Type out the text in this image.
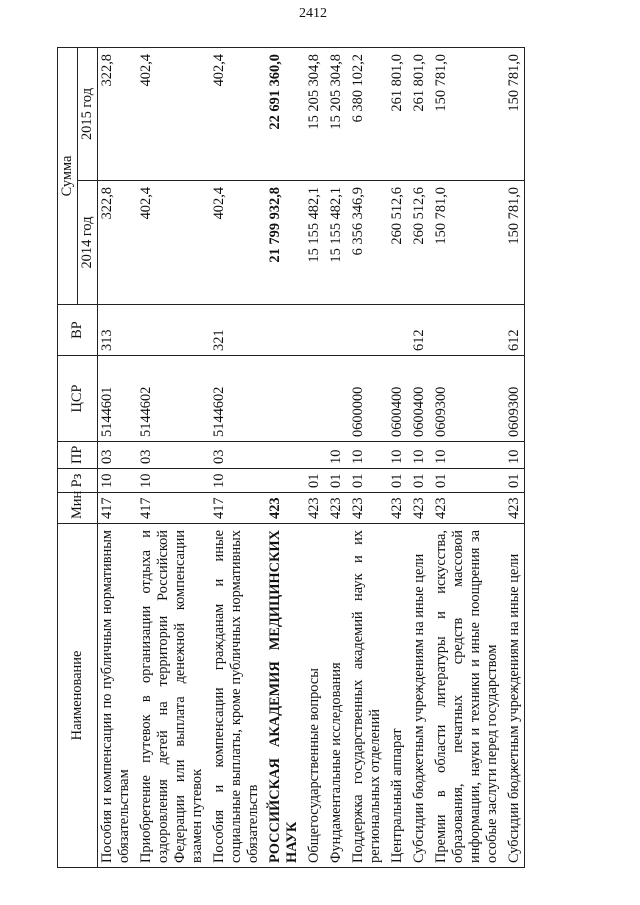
2412
Наименование	Мин	Рз	ПР	ЦСР	ВР	Сумма	
						2014 год	2015 год
Пособия и компенсации по публичным нормативным обязательствам	417	10	03	5144601	313	322,8	322,8
Приобретение путевок в организации отдыха и оздоровления детей на территории Российской Федерации или выплата денежной компенсации взамен путевок	417	10	03	5144602		402,4	402,4
Пособия и компенсации гражданам и иные социальные выплаты, кроме публичных нормативных обязательств	417	10	03	5144602	321	402,4	402,4
РОССИЙСКАЯ АКАДЕМИЯ МЕДИЦИНСКИХ НАУК	423					21 799 932,8	22 691 360,0
Общегосударственные вопросы	423	01				15 155 482,1	15 205 304,8
Фундаментальные исследования	423	01	10			15 155 482,1	15 205 304,8
Поддержка государственных академий наук и их региональных отделений	423	01	10	0600000		6 356 346,9	6 380 102,2
Центральный аппарат	423	01	10	0600400		260 512,6	261 801,0
Субсидии бюджетным учреждениям на иные цели	423	01	10	0600400	612	260 512,6	261 801,0
Премии в области литературы и искусства, образования, печатных средств массовой информации, науки и техники и иные поощрения за особые заслуги перед государством	423	01	10	0609300		150 781,0	150 781,0
Субсидии бюджетным учреждениям на иные цели	423	01	10	0609300	612	150 781,0	150 781,0
